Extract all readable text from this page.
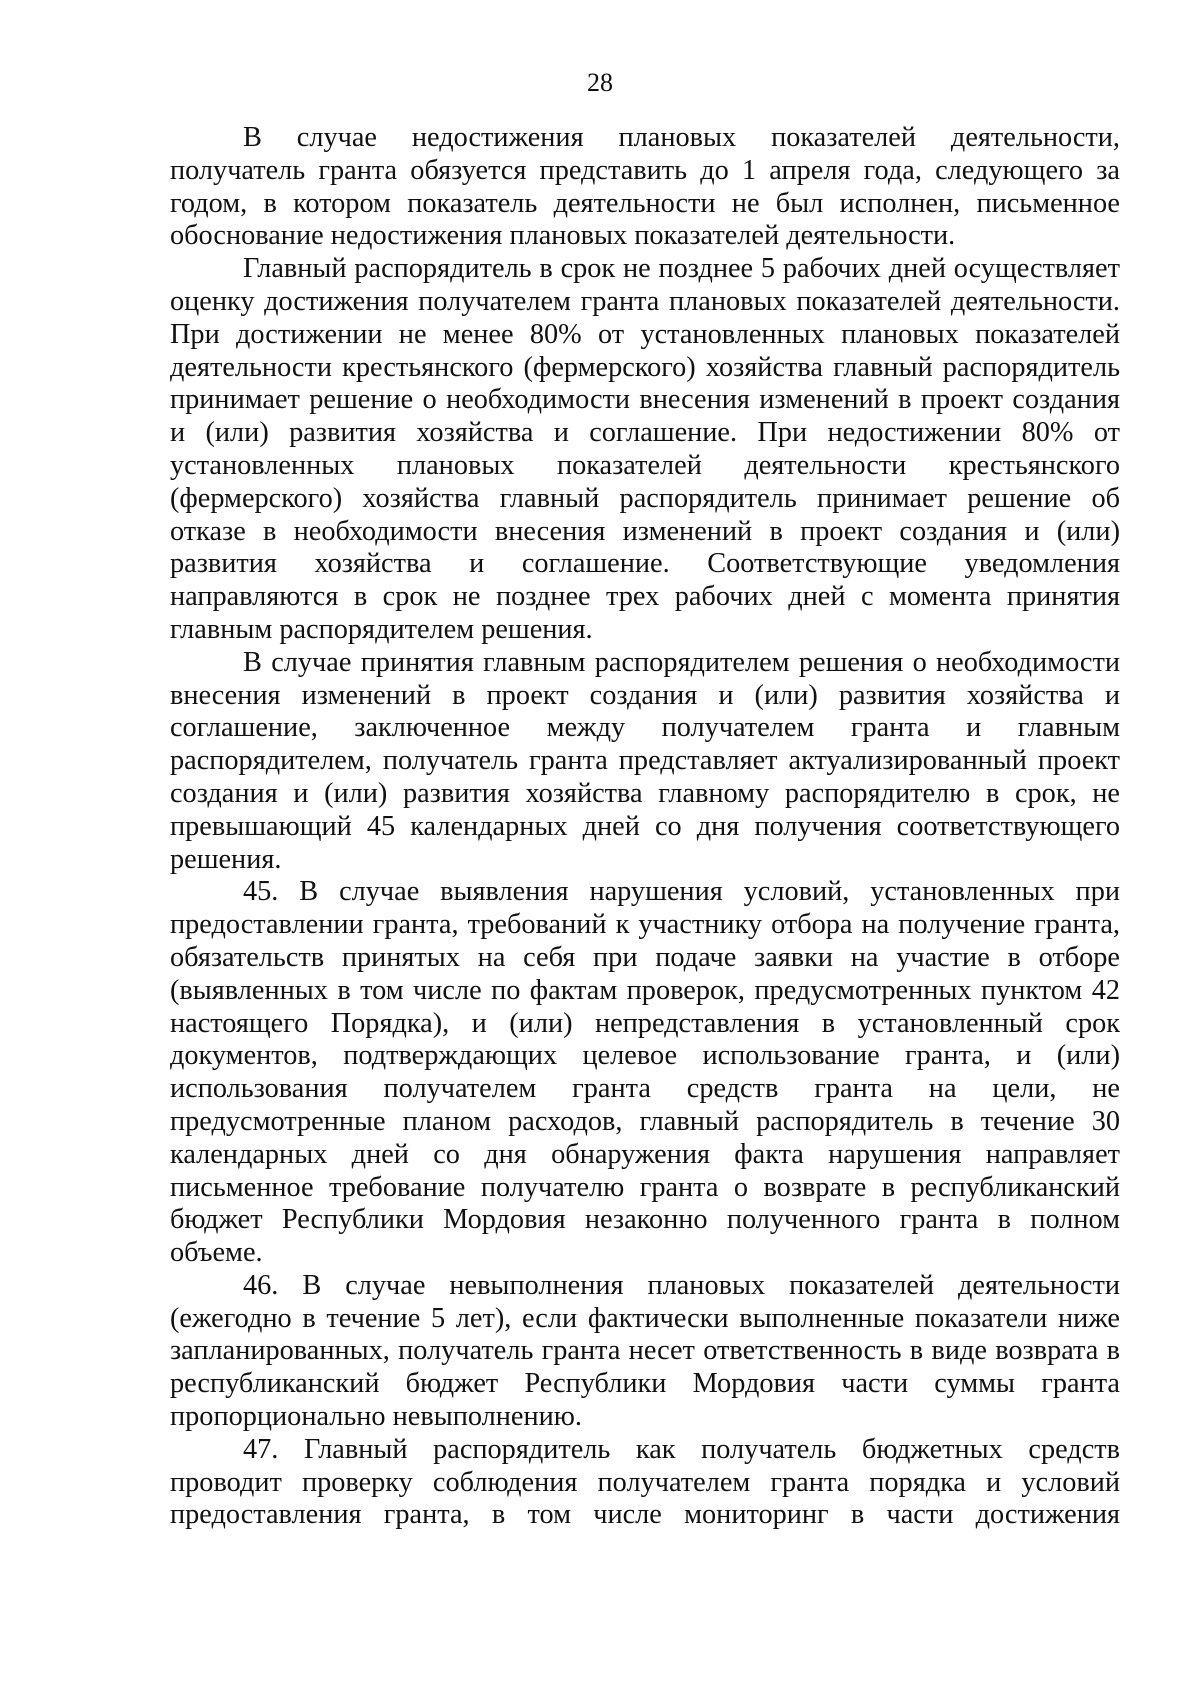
28

В случае недостижения плановых показателей деятельности, получатель гранта обязуется представить до 1 апреля года, следующего за годом, в котором показатель деятельности не был исполнен, письменное обоснование недостижения плановых показателей деятельности.

Главный распорядитель в срок не позднее 5 рабочих дней осуществляет оценку достижения получателем гранта плановых показателей деятельности. При достижении не менее 80% от установленных плановых показателей деятельности крестьянского (фермерского) хозяйства главный распорядитель принимает решение о необходимости внесения изменений в проект создания и (или) развития хозяйства и соглашение. При недостижении 80% от установленных плановых показателей деятельности крестьянского (фермерского) хозяйства главный распорядитель принимает решение об отказе в необходимости внесения изменений в проект создания и (или) развития хозяйства и соглашение. Соответствующие уведомления направляются в срок не позднее трех рабочих дней с момента принятия главным распорядителем решения.

В случае принятия главным распорядителем решения о необходимости внесения изменений в проект создания и (или) развития хозяйства и соглашение, заключенное между получателем гранта и главным распорядителем, получатель гранта представляет актуализированный проект создания и (или) развития хозяйства главному распорядителю в срок, не превышающий 45 календарных дней со дня получения соответствующего решения.

45. В случае выявления нарушения условий, установленных при предоставлении гранта, требований к участнику отбора на получение гранта, обязательств принятых на себя при подаче заявки на участие в отборе (выявленных в том числе по фактам проверок, предусмотренных пунктом 42 настоящего Порядка), и (или) непредставления в установленный срок документов, подтверждающих целевое использование гранта, и (или) использования получателем гранта средств гранта на цели, не предусмотренные планом расходов, главный распорядитель в течение 30 календарных дней со дня обнаружения факта нарушения направляет письменное требование получателю гранта о возврате в республиканский бюджет Республики Мордовия незаконно полученного гранта в полном объеме.

46. В случае невыполнения плановых показателей деятельности (ежегодно в течение 5 лет), если фактически выполненные показатели ниже запланированных, получатель гранта несет ответственность в виде возврата в республиканский бюджет Республики Мордовия части суммы гранта пропорционально невыполнению.

47. Главный распорядитель как получатель бюджетных средств проводит проверку соблюдения получателем гранта порядка и условий предоставления гранта, в том числе мониторинг в части достижения
